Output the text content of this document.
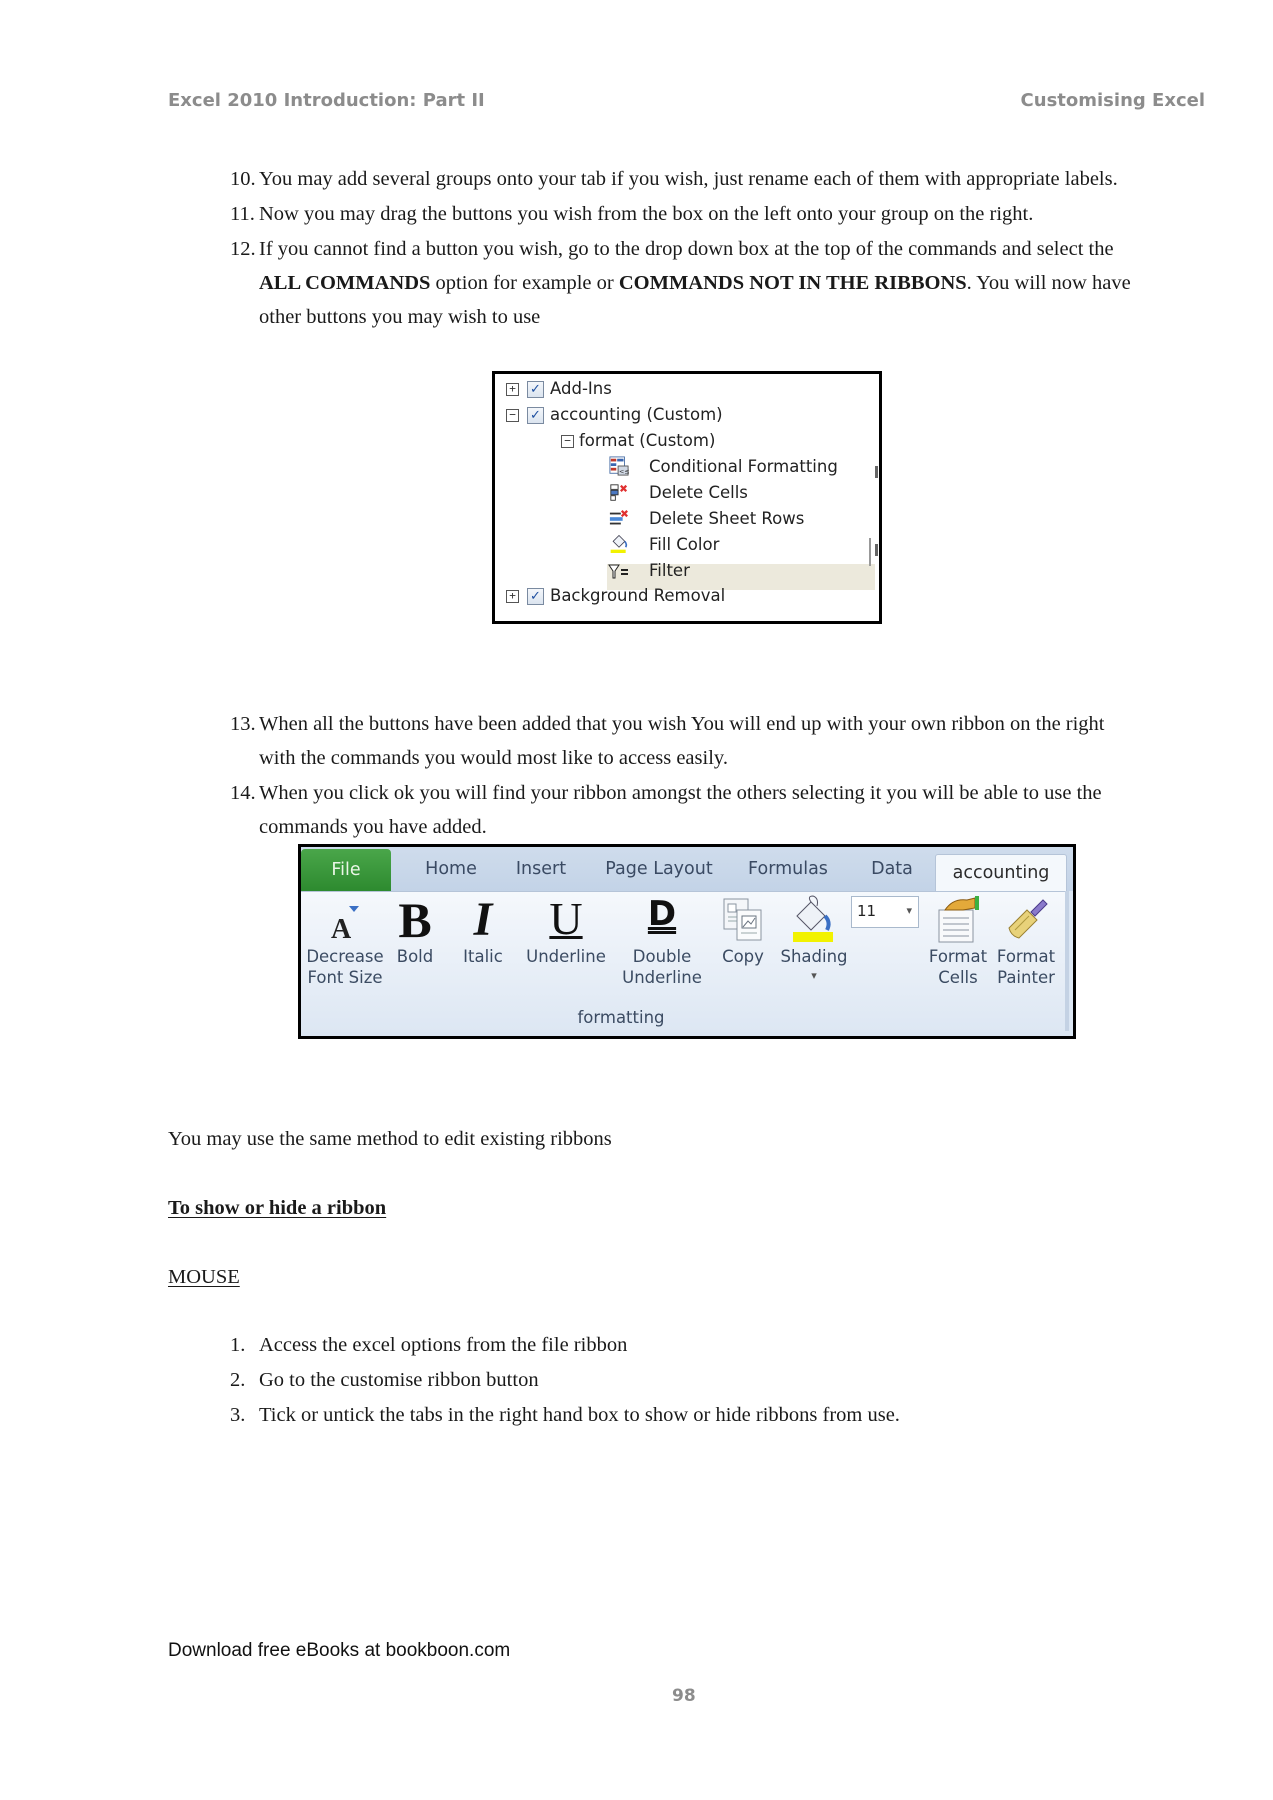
Excel 2010 Introduction: Part II	Customising Excel
10. You may add several groups onto your tab if you wish, just rename each of them with appropriate labels.
11. Now you may drag the buttons you wish from the box on the left onto your group on the right.
12. If you cannot find a button you wish, go to the drop down box at the top of the commands and select the
ALL COMMANDS option for example or COMMANDS NOT IN THE RIBBONS. You will now have
other buttons you may wish to use
+ ✓ Add-Ins
− ✓ accounting (Custom)
− format (Custom)
<≤ Conditional Formatting
Delete Cells
Delete Sheet Rows
Fill Color
Filter
+ ✓ Background Removal
13. When all the buttons have been added that you wish You will end up with your own ribbon on the right
with the commands you would most like to access easily.
14. When you click ok you will find your ribbon amongst the others selecting it you will be able to use the
commands you have added.
File	Home	Insert	Page Layout	Formulas	Data	accounting
A
Decrease
Font Size
B
Bold
I
Italic
U
Underline
D
Double
Underline
Copy	Shading
▾
11	▾
Format
Cells
Format
Painter
formatting
You may use the same method to edit existing ribbons
To show or hide a ribbon
MOUSE
1. Access the excel options from the file ribbon
2. Go to the customise ribbon button
3. Tick or untick the tabs in the right hand box to show or hide ribbons from use.
Download free eBooks at bookboon.com
98
